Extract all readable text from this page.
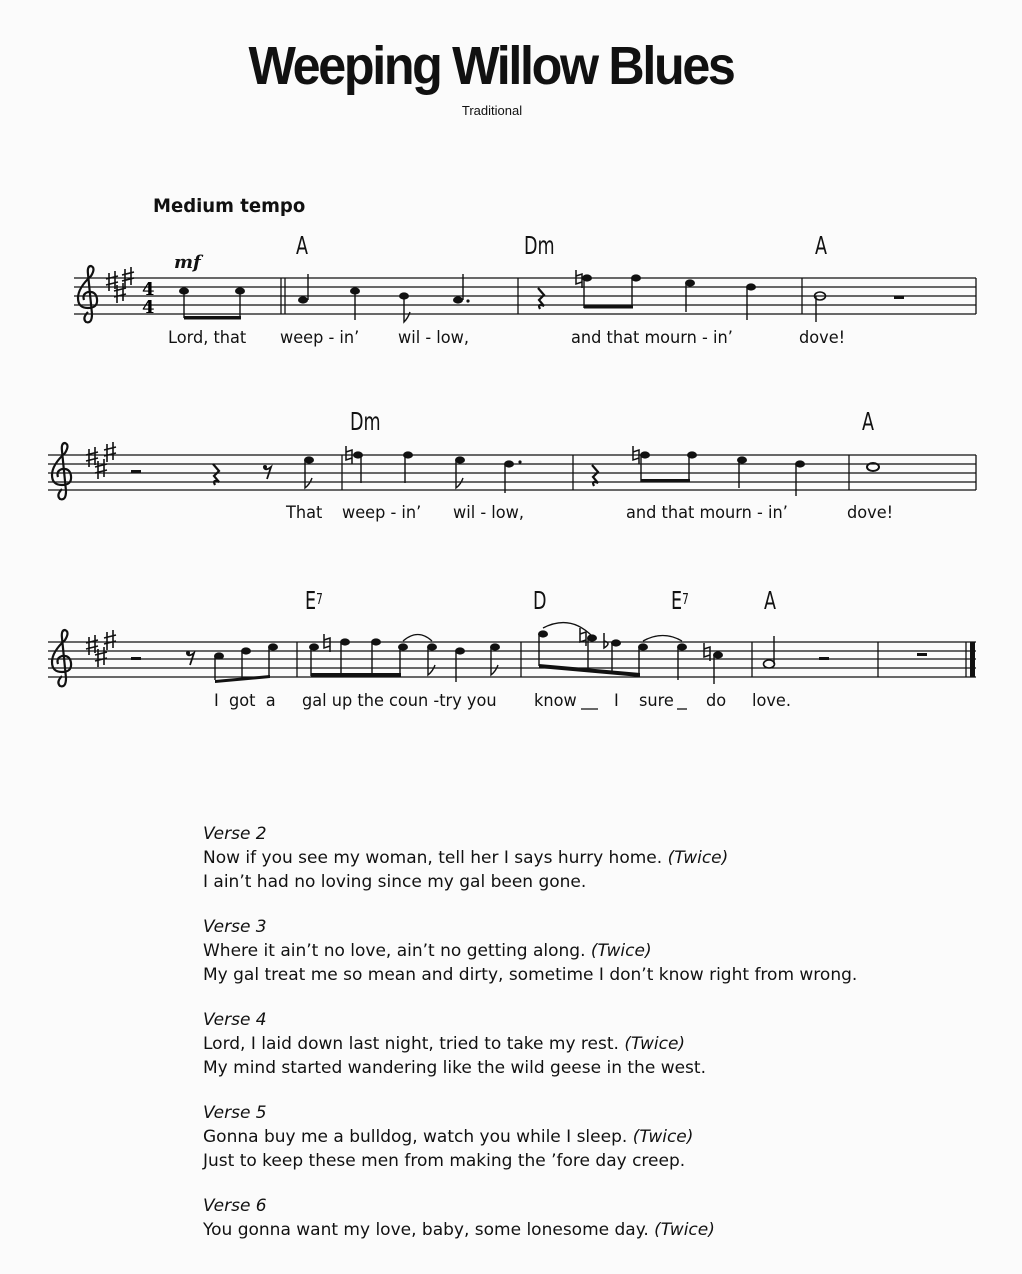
Weeping Willow Blues
Traditional
Medium tempo
mf
4
4
A	Dm	A
Lord, that weep - in’ wil - low,	and that mourn - in’	dove!
Dm	A
That weep - in’ wil - low,	and that mourn - in’	dove!
$E^7$	D	$E^7$	A
I  got  a gal up the coun -try you know I sure do love.
Verse 2
Now if you see my woman, tell her I says hurry home. (Twice)
I ain’t had no loving since my gal been gone.
Verse 3
Where it ain’t no love, ain’t no getting along. (Twice)
My gal treat me so mean and dirty, sometime I don’t know right from wrong.
Verse 4
Lord, I laid down last night, tried to take my rest. (Twice)
My mind started wandering like the wild geese in the west.
Verse 5
Gonna buy me a bulldog, watch you while I sleep. (Twice)
Just to keep these men from making the ’fore day creep.
Verse 6
You gonna want my love, baby, some lonesome day. (Twice)
